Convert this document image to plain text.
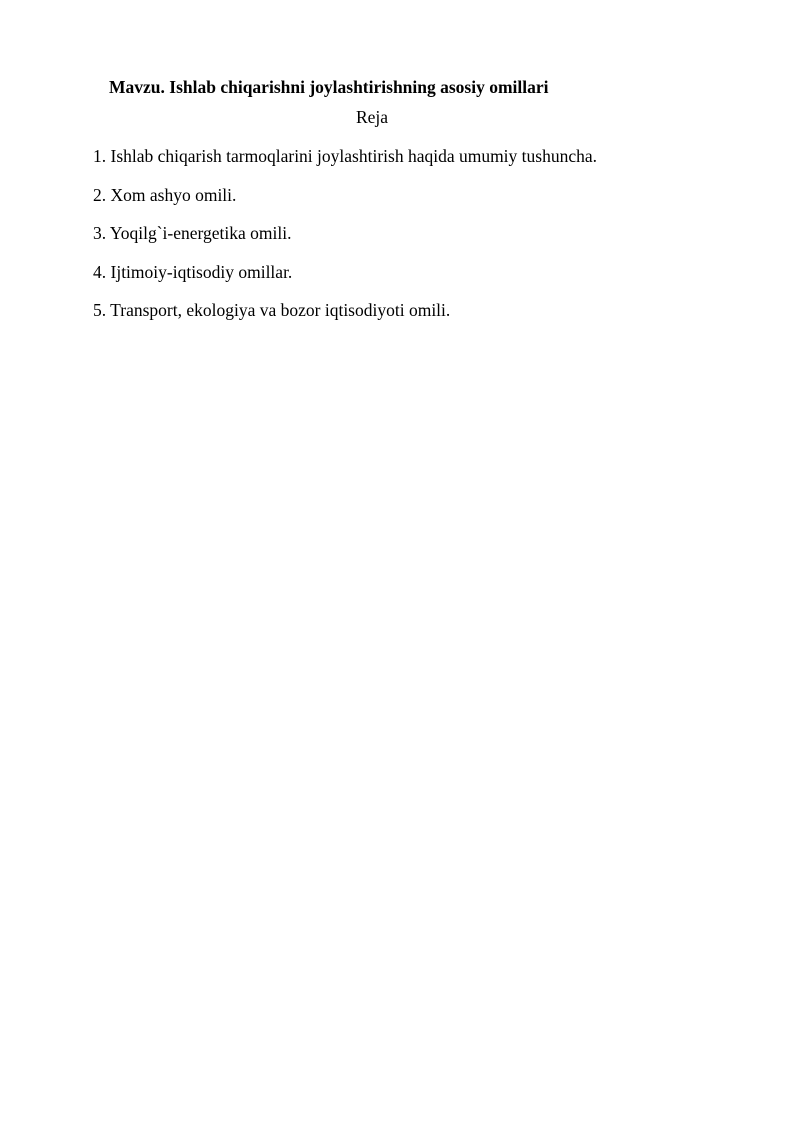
Mavzu. Ishlab chiqarishni joylashtirishning asosiy omillari
Reja
1. Ishlab chiqarish tarmoqlarini joylashtirish haqida umumiy tushuncha.
2. Xom ashyo omili.
3. Yoqilg`i-energetika omili.
4. Ijtimoiy-iqtisodiy omillar.
5. Transport, ekologiya va bozor iqtisodiyoti omili.
